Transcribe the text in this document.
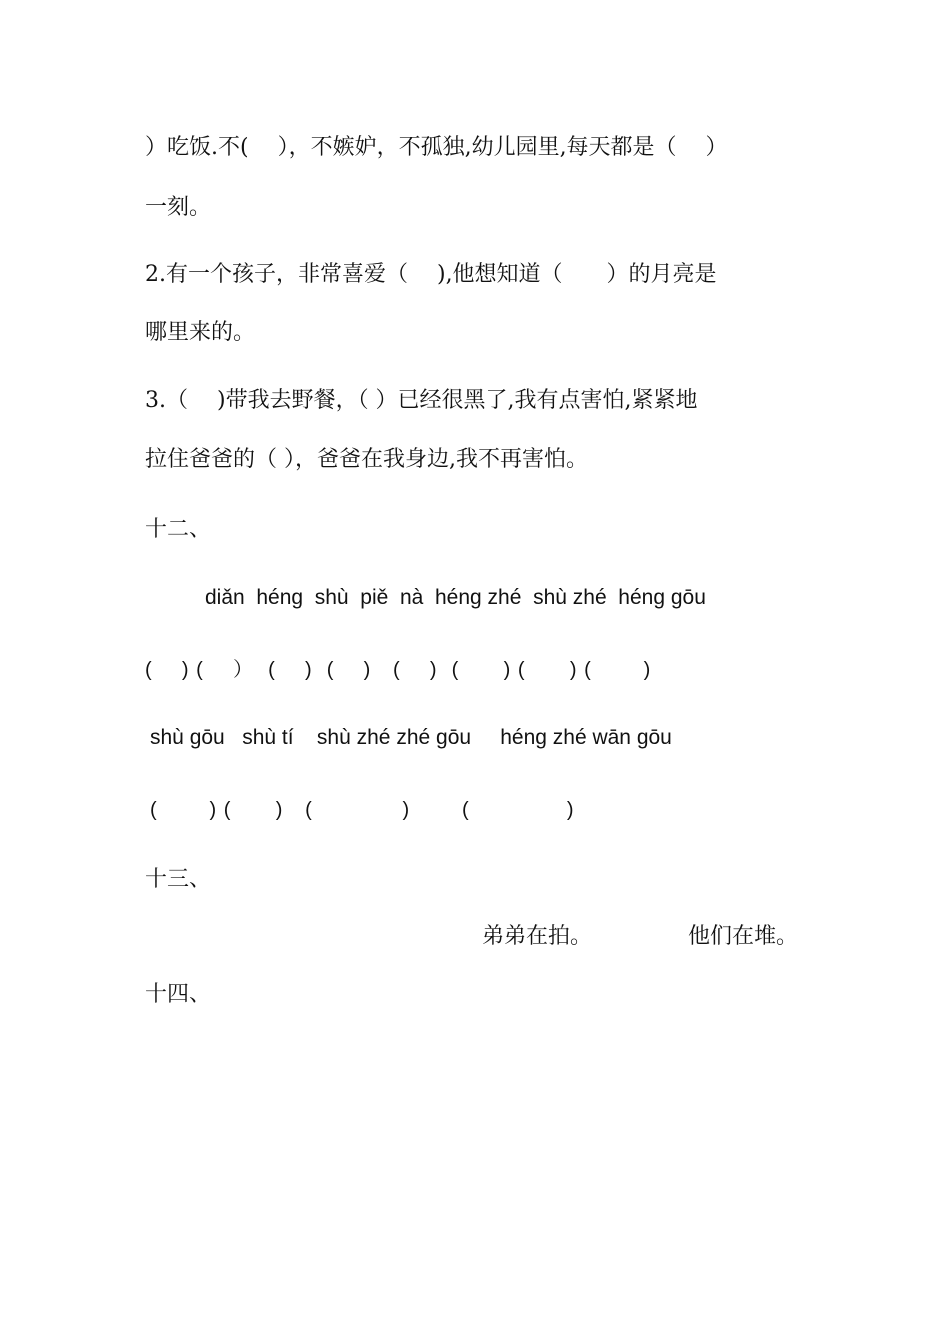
）吃饭.不(　 ），不嫉妒，不孤独,幼儿园里,每天都是（　 ）
一刻。
2.有一个孩子，非常喜爱（　 ),他想知道（　　）的月亮是
哪里来的。
3.（　 )带我去野餐，（ ）已经很黑了,我有点害怕,紧紧地
拉住爸爸的（ ），爸爸在我身边,我不再害怕。
十二、
diǎn  héng  shù  piě  nà  héng zhé  shù zhé  héng gōu
(    ) (    ）  (    )  (    )   (    )  (      ) (      ) (       )
shù gōu   shù tí    shù zhé zhé gōu     héng zhé wān gōu
(       ) (      )   (            )       (             )
十三、
弟弟在拍。	他们在堆。
十四、
